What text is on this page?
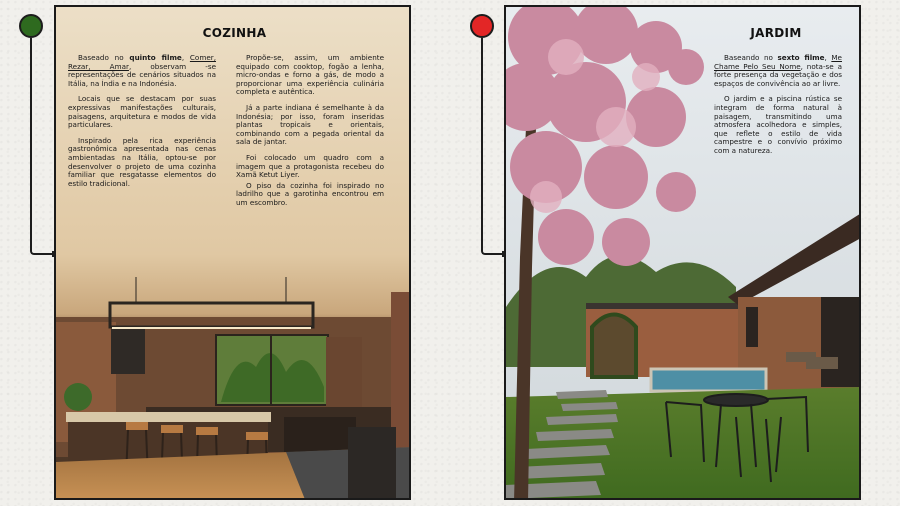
COZINHA

Baseado no quinto filme, Comer, Rezar, Amar, observam -se representações de cenários situados na Itália, na Índia e na Indonésia.

Locais que se destacam por suas expressivas manifestações culturais, paisagens, arquitetura e modos de vida particulares.

Inspirado pela rica experiência gastronômica apresentada nas cenas ambientadas na Itália, optou-se por desenvolver o projeto de uma cozinha familiar que resgatasse elementos do estilo tradicional.

Propõe-se, assim, um ambiente equipado com cooktop, fogão a lenha, micro-ondas e forno a gás, de modo a proporcionar uma experiência culinária completa e autêntica.

Já a parte indiana é semelhante à da Indonésia; por isso, foram inseridas plantas tropicais e orientais, combinando com a pegada oriental da sala de jantar.

Foi colocado um quadro com a imagem que a protagonista recebeu do Xamã Ketut Liyer.

O piso da cozinha foi inspirado no ladrilho que a garotinha encontrou em um escombro.

JARDIM

Baseando no sexto filme, Me Chame Pelo Seu Nome, nota-se a forte presença da vegetação e dos espaços de convivência ao ar livre.

O jardim e a piscina rústica se integram de forma natural à paisagem, transmitindo uma atmosfera acolhedora e simples, que reflete o estilo de vida campestre e o convívio próximo com a natureza.
